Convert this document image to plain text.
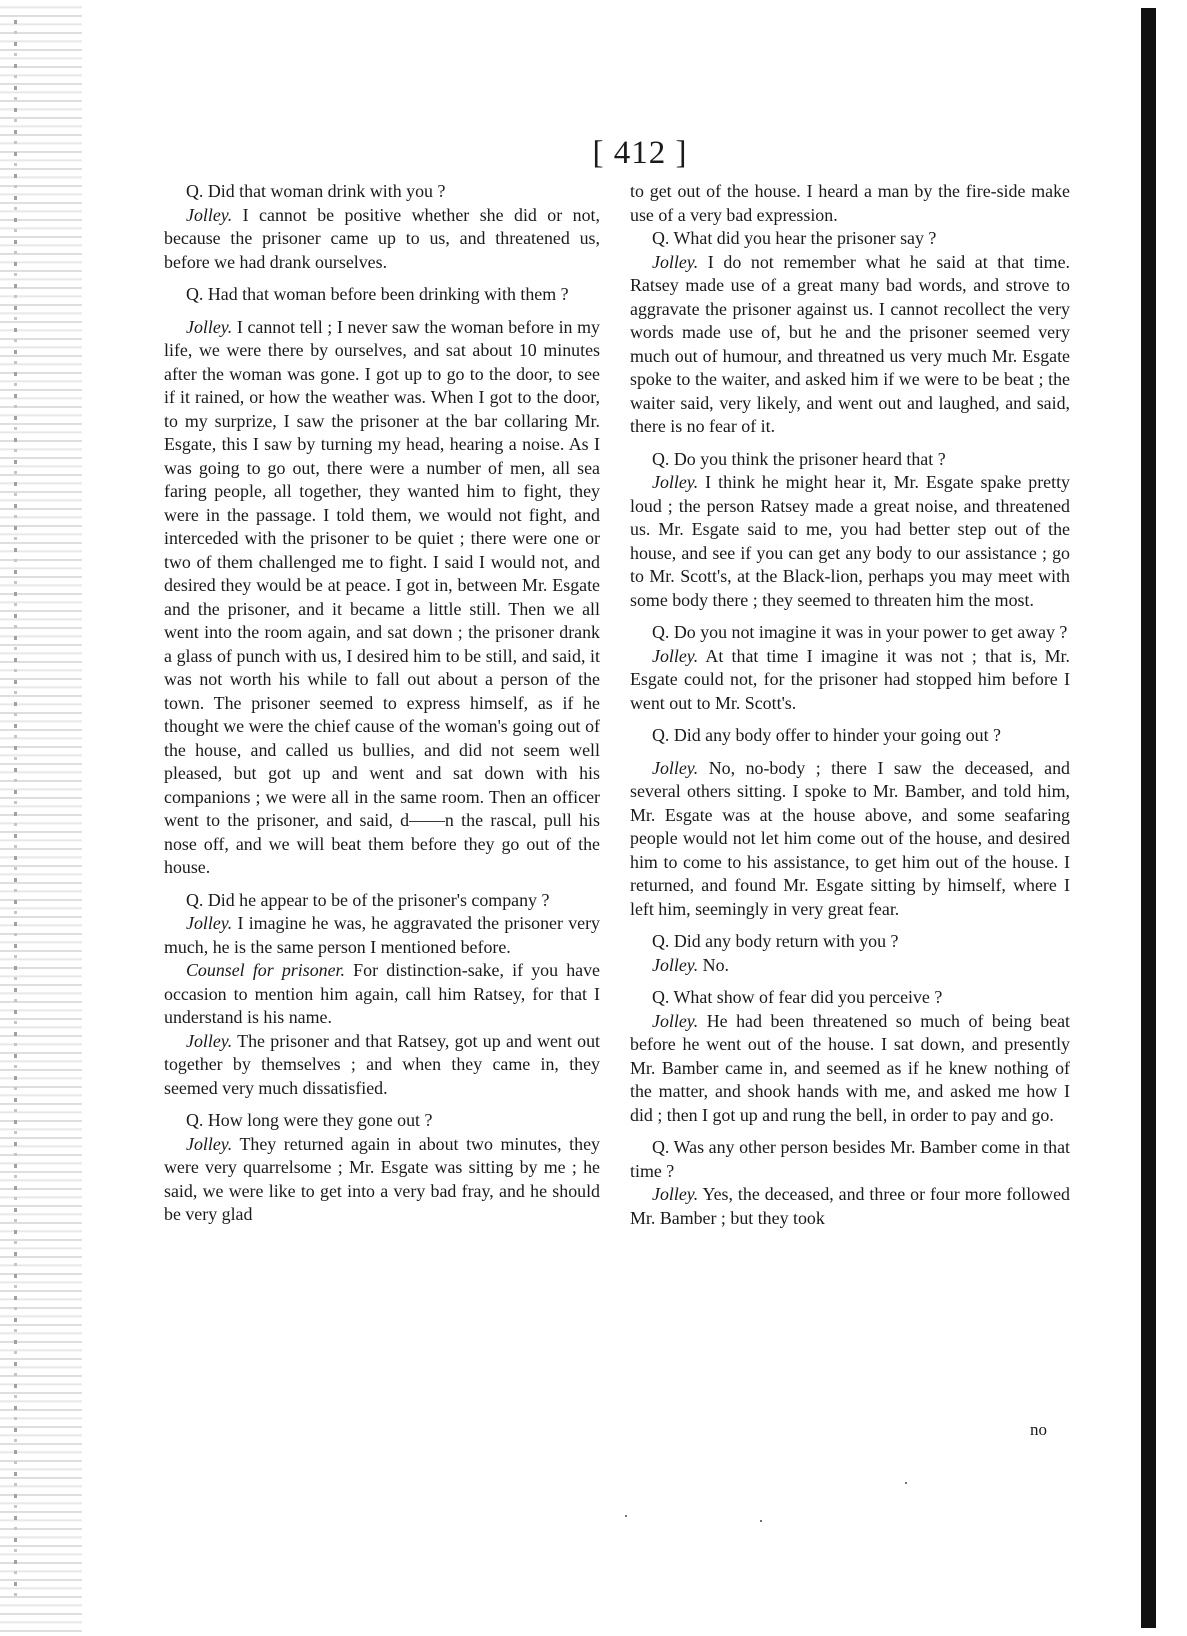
[ 412 ]

Q. Did that woman drink with you ?

Jolley. I cannot be positive whether she did or not, because the prisoner came up to us, and threatened us, before we had drank ourselves.

Q. Had that woman before been drinking with them ?

Jolley. I cannot tell ; I never saw the woman before in my life, we were there by ourselves, and sat about 10 minutes after the woman was gone. I got up to go to the door, to see if it rained, or how the weather was. When I got to the door, to my surprize, I saw the prisoner at the bar collaring Mr. Esgate, this I saw by turning my head, hearing a noise. As I was going to go out, there were a number of men, all sea faring people, all together, they wanted him to fight, they were in the passage. I told them, we would not fight, and interceded with the prisoner to be quiet ; there were one or two of them challenged me to fight. I said I would not, and desired they would be at peace. I got in, between Mr. Esgate and the prisoner, and it became a little still. Then we all went into the room again, and sat down ; the prisoner drank a glass of punch with us, I desired him to be still, and said, it was not worth his while to fall out about a person of the town. The prisoner seemed to express himself, as if he thought we were the chief cause of the woman's going out of the house, and called us bullies, and did not seem well pleased, but got up and went and sat down with his companions ; we were all in the same room. Then an officer went to the prisoner, and said, d——n the rascal, pull his nose off, and we will beat them before they go out of the house.

Q. Did he appear to be of the prisoner's company ?

Jolley. I imagine he was, he aggravated the prisoner very much, he is the same person I mentioned before.

Counsel for prisoner. For distinction-sake, if you have occasion to mention him again, call him Ratsey, for that I understand is his name.

Jolley. The prisoner and that Ratsey, got up and went out together by themselves ; and when they came in, they seemed very much dissatisfied.

Q. How long were they gone out ?

Jolley. They returned again in about two minutes, they were very quarrelsome ; Mr. Esgate was sitting by me ; he said, we were like to get into a very bad fray, and he should be very glad

to get out of the house. I heard a man by the fire-side make use of a very bad expression.

Q. What did you hear the prisoner say ?

Jolley. I do not remember what he said at that time. Ratsey made use of a great many bad words, and strove to aggravate the prisoner against us. I cannot recollect the very words made use of, but he and the prisoner seemed very much out of humour, and threatned us very much Mr. Esgate spoke to the waiter, and asked him if we were to be beat ; the waiter said, very likely, and went out and laughed, and said, there is no fear of it.

Q. Do you think the prisoner heard that ?

Jolley. I think he might hear it, Mr. Esgate spake pretty loud ; the person Ratsey made a great noise, and threatened us. Mr. Esgate said to me, you had better step out of the house, and see if you can get any body to our assistance ; go to Mr. Scott's, at the Black-lion, perhaps you may meet with some body there ; they seemed to threaten him the most.

Q. Do you not imagine it was in your power to get away ?

Jolley. At that time I imagine it was not ; that is, Mr. Esgate could not, for the prisoner had stopped him before I went out to Mr. Scott's.

Q. Did any body offer to hinder your going out ?

Jolley. No, no-body ; there I saw the deceased, and several others sitting. I spoke to Mr. Bamber, and told him, Mr. Esgate was at the house above, and some seafaring people would not let him come out of the house, and desired him to come to his assistance, to get him out of the house. I returned, and found Mr. Esgate sitting by himself, where I left him, seemingly in very great fear.

Q. Did any body return with you ?

Jolley. No.

Q. What show of fear did you perceive ?

Jolley. He had been threatened so much of being beat before he went out of the house. I sat down, and presently Mr. Bamber came in, and seemed as if he knew nothing of the matter, and shook hands with me, and asked me how I did ; then I got up and rung the bell, in order to pay and go.

Q. Was any other person besides Mr. Bamber come in that time ?

Jolley. Yes, the deceased, and three or four more followed Mr. Bamber ; but they took

no
